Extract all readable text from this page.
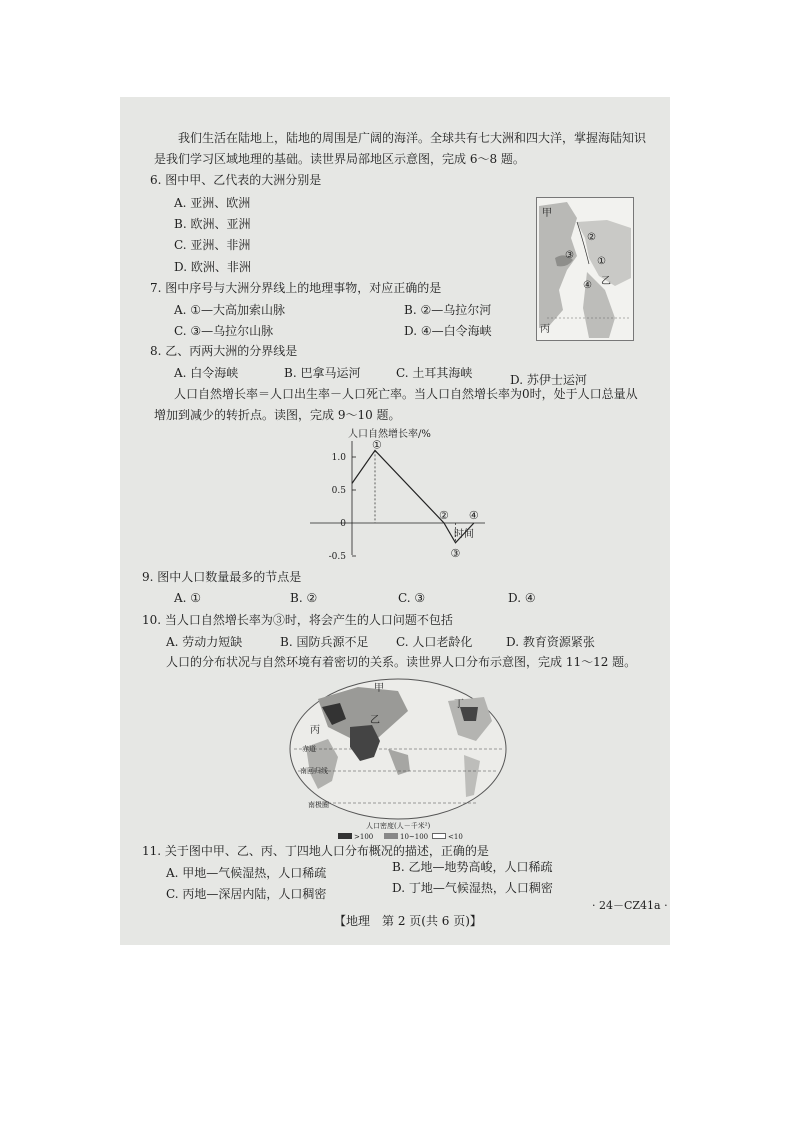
我们生活在陆地上，陆地的周围是广阔的海洋。全球共有七大洲和四大洋，掌握海陆知识
是我们学习区域地理的基础。读世界局部地区示意图，完成 6～8 题。
6. 图中甲、乙代表的大洲分别是
A. 亚洲、欧洲
B. 欧洲、亚洲
C. 亚洲、非洲
D. 欧洲、非洲
甲
②
③
④ 乙
①
丙
7. 图中序号与大洲分界线上的地理事物，对应正确的是
A. ①—大高加索山脉	B. ②—乌拉尔河
C. ③—乌拉尔山脉	D. ④—白令海峡
8. 乙、丙两大洲的分界线是
A. 白令海峡	B. 巴拿马运河	C. 土耳其海峡	D. 苏伊士运河
人口自然增长率＝人口出生率－人口死亡率。当人口自然增长率为0时，处于人口总量从
增加到减少的转折点。读图，完成 9～10 题。
人口自然增长率/%
时间
1.0
0.5
0
-0.5
①
②
③
④
9. 图中人口数量最多的节点是
A. ①	B. ②	C. ③	D. ④
10. 当人口自然增长率为③时，将会产生的人口问题不包括
A. 劳动力短缺	B. 国防兵源不足 C. 人口老龄化	D. 教育资源紧张
人口的分布状况与自然环境有着密切的关系。读世界人口分布示意图，完成 11～12 题。
甲
乙
丙
丁
赤道
南回归线
南极圈
人口密度(人－千米²)
>100	10~100	<10
11. 关于图中甲、乙、丙、丁四地人口分布概况的描述，正确的是
A. 甲地—气候湿热，人口稀疏	B. 乙地—地势高峻，人口稀疏
C. 丙地—深居内陆，人口稠密	D. 丁地—气候湿热，人口稠密
· 24－CZ41a ·
【地理　第 2 页(共 6 页)】
